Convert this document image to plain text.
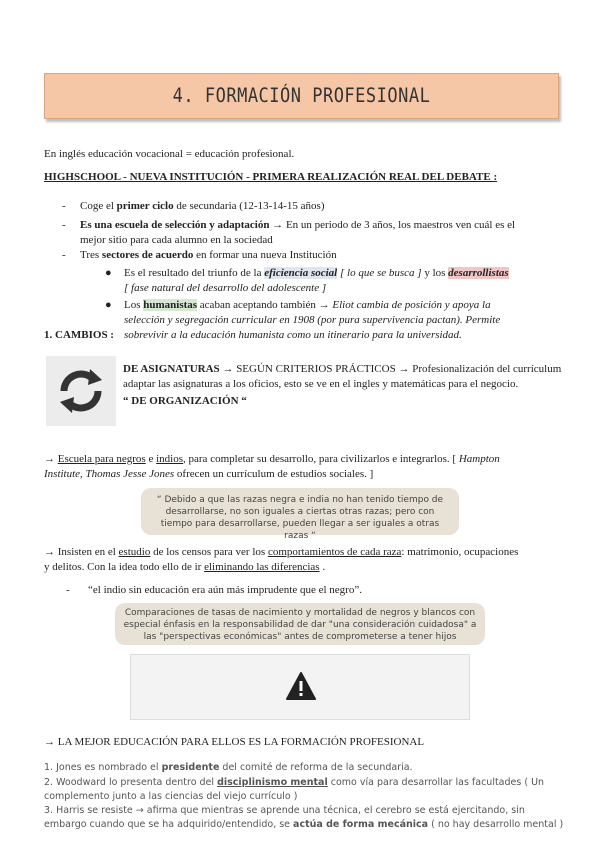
4. FORMACIÓN PROFESIONAL
En inglés educación vocacional = educación profesional.
HIGHSCHOOL - NUEVA INSTITUCIÓN - PRIMERA REALIZACIÓN REAL DEL DEBATE :
- Coge el primer ciclo de secundaria (12-13-14-15 años)
- Es una escuela de selección y adaptación → En un periodo de 3 años, los maestros ven cuál es el
mejor sitio para cada alumno en la sociedad
- Tres sectores de acuerdo en formar una nueva Institución
● Es el resultado del triunfo de la eficiencia social [ lo que se busca ] y los desarrollistas
[ fase natural del desarrollo del adolescente ]
● Los humanistas acaban aceptando también → Eliot cambia de posición y apoya la
selección y segregación curricular en 1908 (por pura supervivencia pactan). Permite
sobrevivir a la educación humanista como un itinerario para la universidad.
1. CAMBIOS :
DE ASIGNATURAS → SEGÚN CRITERIOS PRÁCTICOS → Profesionalización del currículum
adaptar las asignaturas a los oficios, esto se ve en el ingles y matemáticas para el negocio.
“ DE ORGANIZACIÓN “
→ Escuela para negros e indios, para completar su desarrollo, para civilizarlos e integrarlos. [ Hampton
Institute, Thomas Jesse Jones ofrecen un currículum de estudios sociales. ]
“ Debido a que las razas negra e india no han tenido tiempo de desarrollarse, no son iguales a ciertas otras razas; pero con tiempo para desarrollarse, pueden llegar a ser iguales a otras razas “
→ Insisten en el estudio de los censos para ver los comportamientos de cada raza: matrimonio, ocupaciones
y delitos. Con la idea todo ello de ir eliminando las diferencias .
- “el indio sin educación era aún más imprudente que el negro”.
Comparaciones de tasas de nacimiento y mortalidad de negros y blancos con especial énfasis en la responsabilidad de dar "una consideración cuidadosa" a las "perspectivas económicas" antes de comprometerse a tener hijos
→ LA MEJOR EDUCACIÓN PARA ELLOS ES LA FORMACIÓN PROFESIONAL
1. Jones es nombrado el presidente del comité de reforma de la secundaria.
2. Woodward lo presenta dentro del disciplinismo mental como vía para desarrollar las facultades ( Un
complemento junto a las ciencias del viejo currículo )
3. Harris se resiste → afirma que mientras se aprende una técnica, el cerebro se está ejercitando, sin
embargo cuando que se ha adquirido/entendido, se actúa de forma mecánica ( no hay desarrollo mental )
